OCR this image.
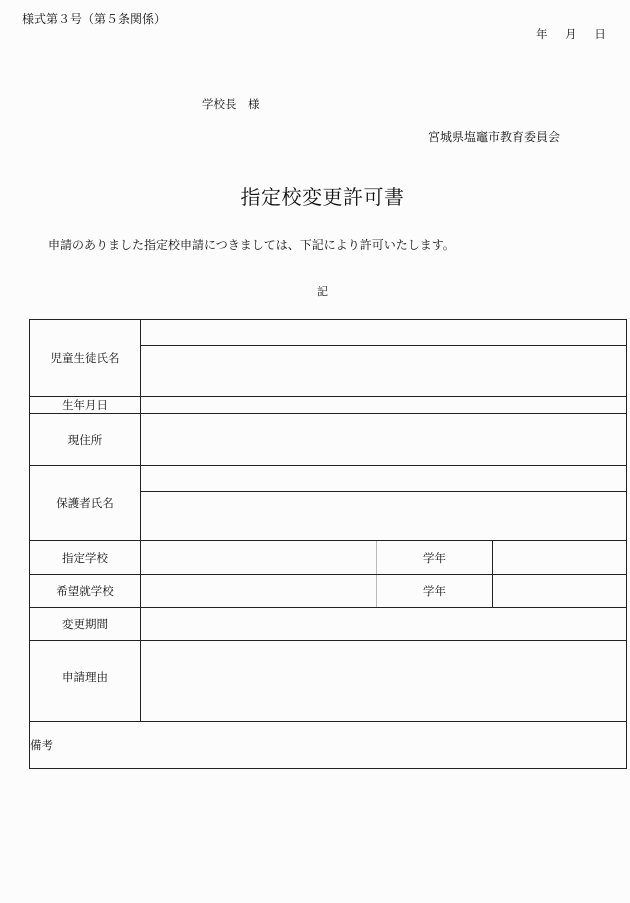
様式第３号（第５条関係）
年 月 日
学校長　様
宮城県塩竈市教育委員会
指定校変更許可書
申請のありました指定校申請につきましては、下記により許可いたします。
記
児童生徒氏名			

生年月日			
現住所			
保護者氏名			

指定学校		学年	
希望就学校		学年	
変更期間			
申請理由			
備考			
